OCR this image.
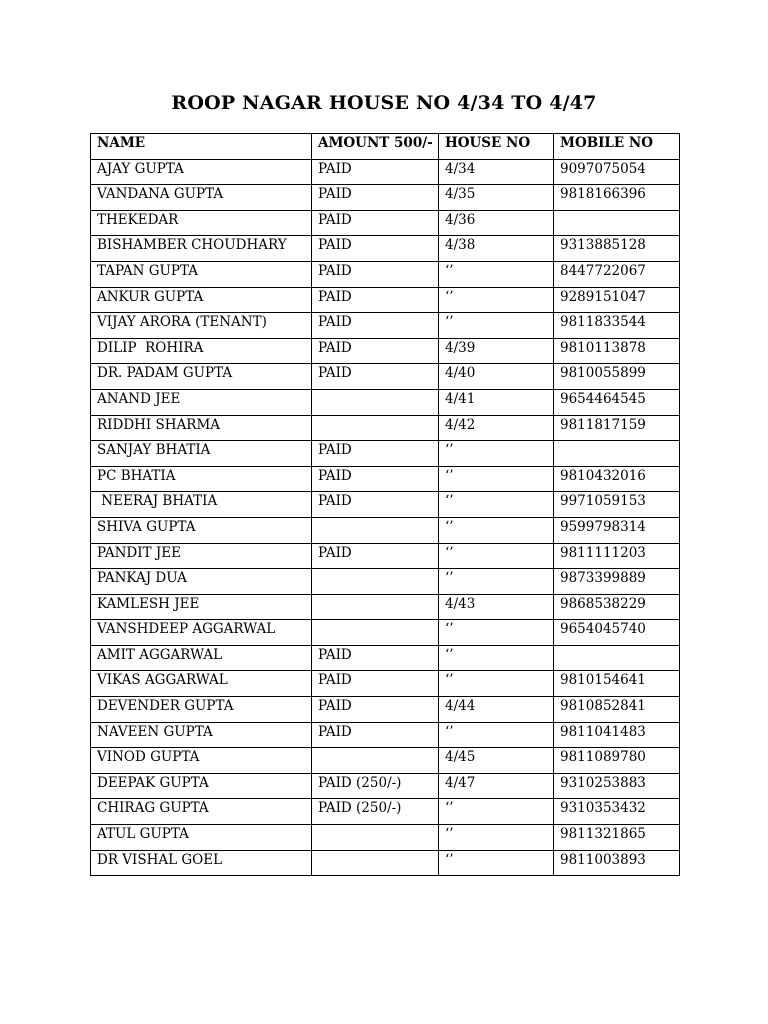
ROOP NAGAR HOUSE NO 4/34 TO 4/47
NAME	AMOUNT 500/-	HOUSE NO	MOBILE NO
AJAY GUPTA	PAID	4/34	9097075054
VANDANA GUPTA	PAID	4/35	9818166396
THEKEDAR	PAID	4/36	
BISHAMBER CHOUDHARY	PAID	4/38	9313885128
TAPAN GUPTA	PAID	‘’	8447722067
ANKUR GUPTA	PAID	‘’	9289151047
VIJAY ARORA (TENANT)	PAID	‘’	9811833544
DILIP  ROHIRA	PAID	4/39	9810113878
DR. PADAM GUPTA	PAID	4/40	9810055899
ANAND JEE		4/41	9654464545
RIDDHI SHARMA		4/42	9811817159
SANJAY BHATIA	PAID	‘’	
PC BHATIA	PAID	‘’	9810432016
NEERAJ BHATIA	PAID	‘’	9971059153
SHIVA GUPTA		‘’	9599798314
PANDIT JEE	PAID	‘’	9811111203
PANKAJ DUA		‘’	9873399889
KAMLESH JEE		4/43	9868538229
VANSHDEEP AGGARWAL		‘’	9654045740
AMIT AGGARWAL	PAID	‘’	
VIKAS AGGARWAL	PAID	‘’	9810154641
DEVENDER GUPTA	PAID	4/44	9810852841
NAVEEN GUPTA	PAID	‘’	9811041483
VINOD GUPTA		4/45	9811089780
DEEPAK GUPTA	PAID (250/-)	4/47	9310253883
CHIRAG GUPTA	PAID (250/-)	‘’	9310353432
ATUL GUPTA		‘’	9811321865
DR VISHAL GOEL		‘’	9811003893
